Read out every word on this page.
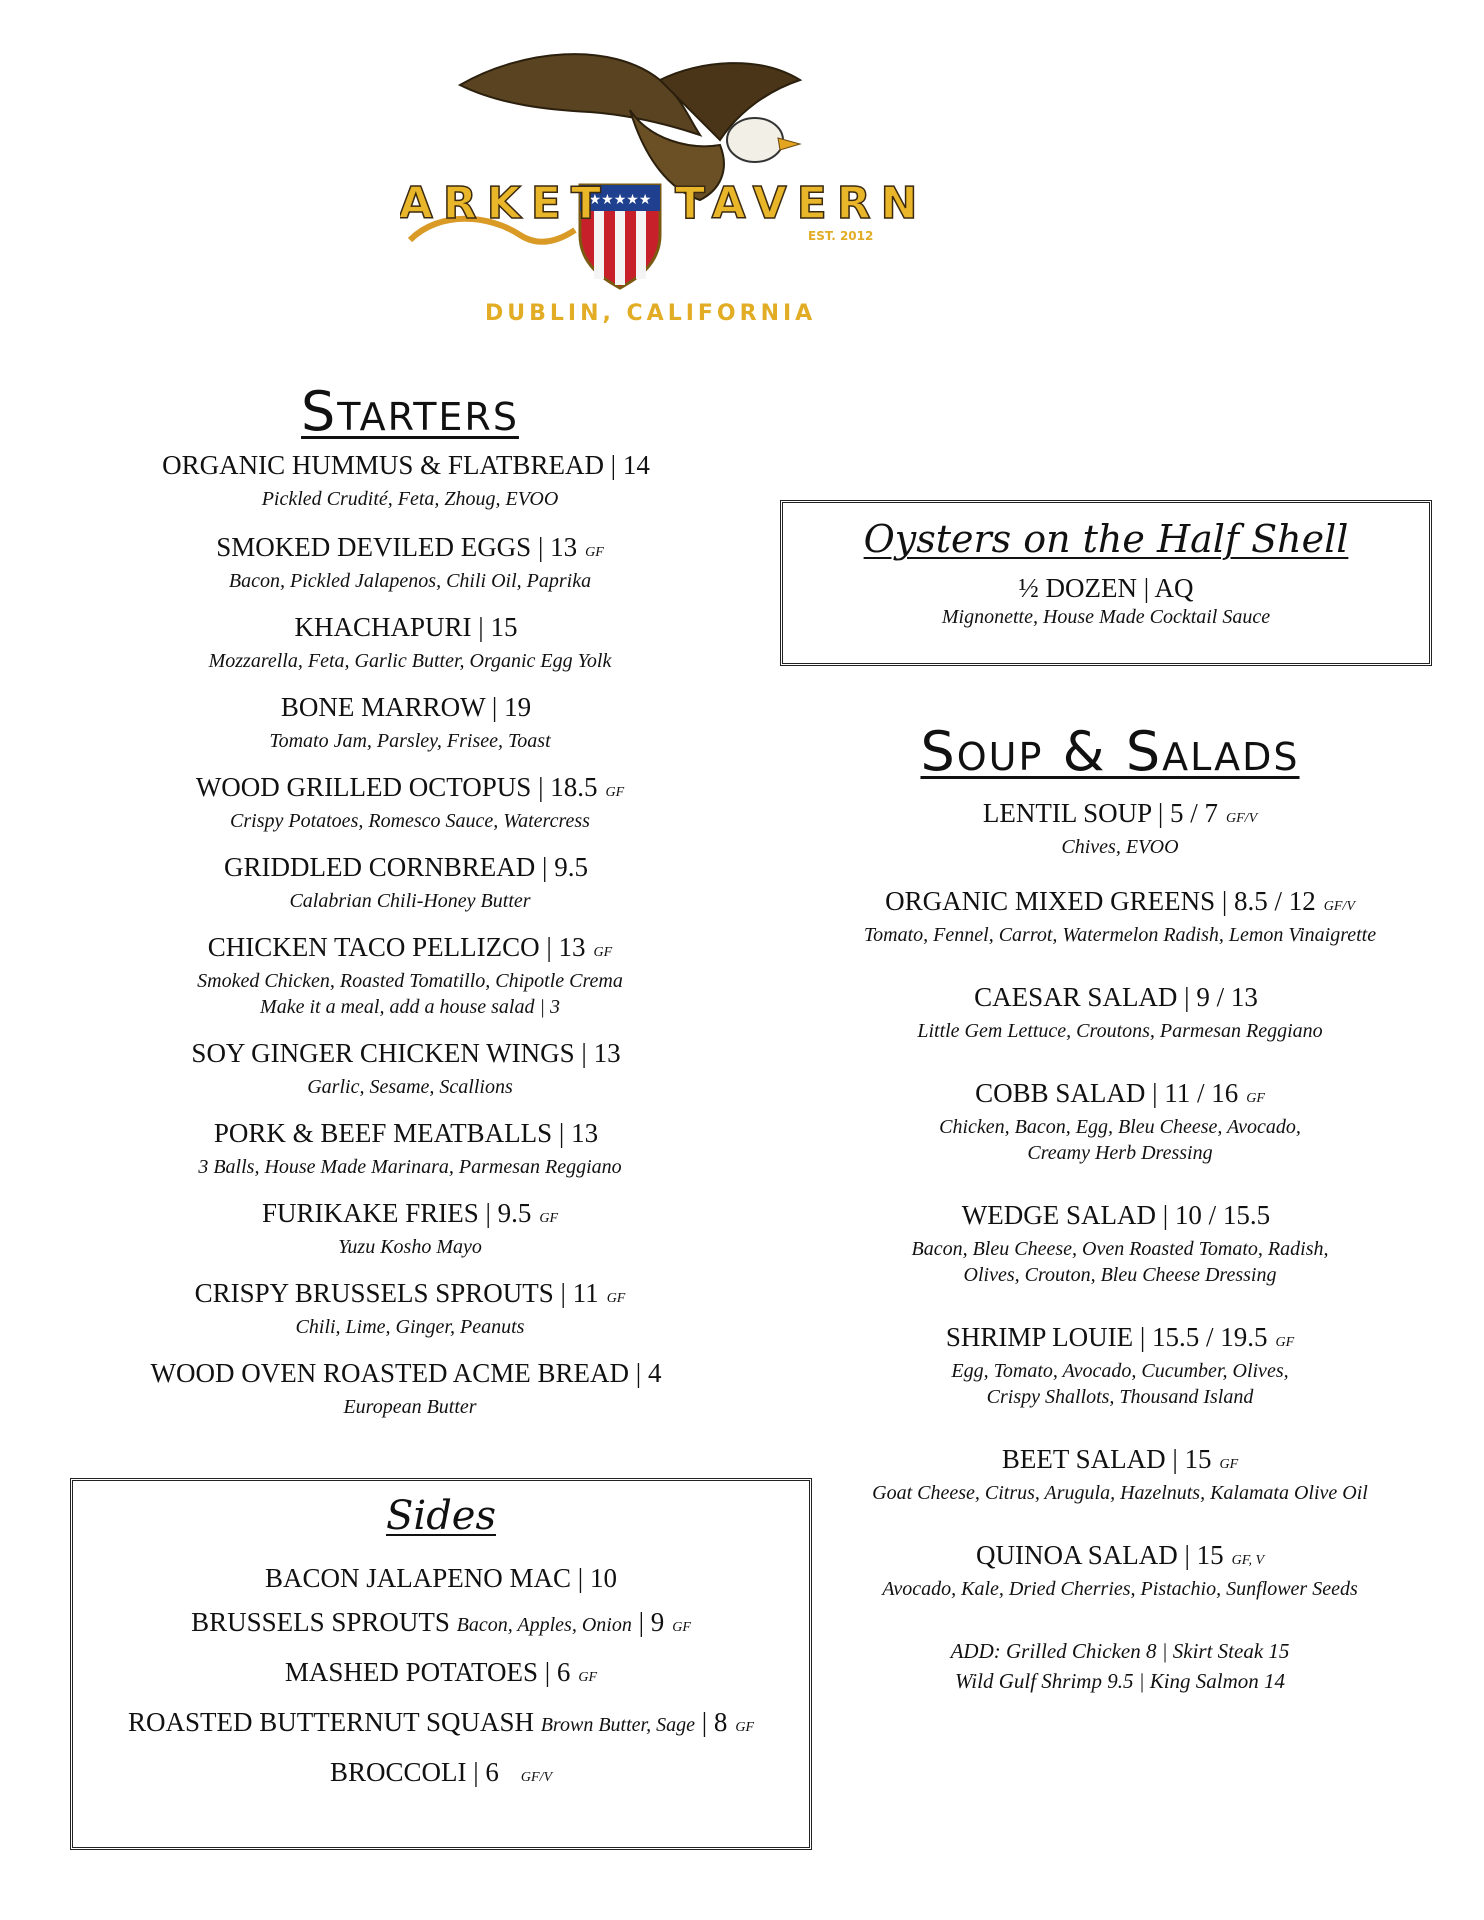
★★★★★
ARKET TAVERN
EST. 2012
DUBLIN, CALIFORNIA
Starters
ORGANIC HUMMUS & FLATBREAD | 14
Pickled Crudité, Feta, Zhoug, EVOO
SMOKED DEVILED EGGS | 13 GF
Bacon, Pickled Jalapenos, Chili Oil, Paprika
KHACHAPURI | 15
Mozzarella, Feta, Garlic Butter, Organic Egg Yolk
BONE MARROW | 19
Tomato Jam, Parsley, Frisee, Toast
WOOD GRILLED OCTOPUS | 18.5 GF
Crispy Potatoes, Romesco Sauce, Watercress
GRIDDLED CORNBREAD | 9.5
Calabrian Chili-Honey Butter
CHICKEN TACO PELLIZCO | 13 GF
Smoked Chicken, Roasted Tomatillo, Chipotle Crema
Make it a meal, add a house salad | 3
SOY GINGER CHICKEN WINGS | 13
Garlic, Sesame, Scallions
PORK & BEEF MEATBALLS | 13
3 Balls, House Made Marinara, Parmesan Reggiano
FURIKAKE FRIES | 9.5 GF
Yuzu Kosho Mayo
CRISPY BRUSSELS SPROUTS | 11 GF
Chili, Lime, Ginger, Peanuts
WOOD OVEN ROASTED ACME BREAD | 4
European Butter
Oysters on the Half Shell
½ DOZEN | AQ
Mignonette, House Made Cocktail Sauce
Soup & Salads
LENTIL SOUP | 5 / 7 GF/V
Chives, EVOO
ORGANIC MIXED GREENS | 8.5 / 12 GF/V
Tomato, Fennel, Carrot, Watermelon Radish, Lemon Vinaigrette
CAESAR SALAD | 9 / 13
Little Gem Lettuce, Croutons, Parmesan Reggiano
COBB SALAD | 11 / 16 GF
Chicken, Bacon, Egg, Bleu Cheese, Avocado,
Creamy Herb Dressing
WEDGE SALAD | 10 / 15.5
Bacon, Bleu Cheese, Oven Roasted Tomato, Radish,
Olives, Crouton, Bleu Cheese Dressing
SHRIMP LOUIE | 15.5 / 19.5 GF
Egg, Tomato, Avocado, Cucumber, Olives,
Crispy Shallots, Thousand Island
BEET SALAD | 15 GF
Goat Cheese, Citrus, Arugula, Hazelnuts, Kalamata Olive Oil
QUINOA SALAD | 15 GF, V
Avocado, Kale, Dried Cherries, Pistachio, Sunflower Seeds
ADD: Grilled Chicken 8 | Skirt Steak 15
Wild Gulf Shrimp 9.5 | King Salmon 14
Sides
BACON JALAPENO MAC | 10
BRUSSELS SPROUTS Bacon, Apples, Onion | 9 GF
MASHED POTATOES | 6 GF
ROASTED BUTTERNUT SQUASH Brown Butter, Sage | 8 GF
BROCCOLI | 6 GF/V
